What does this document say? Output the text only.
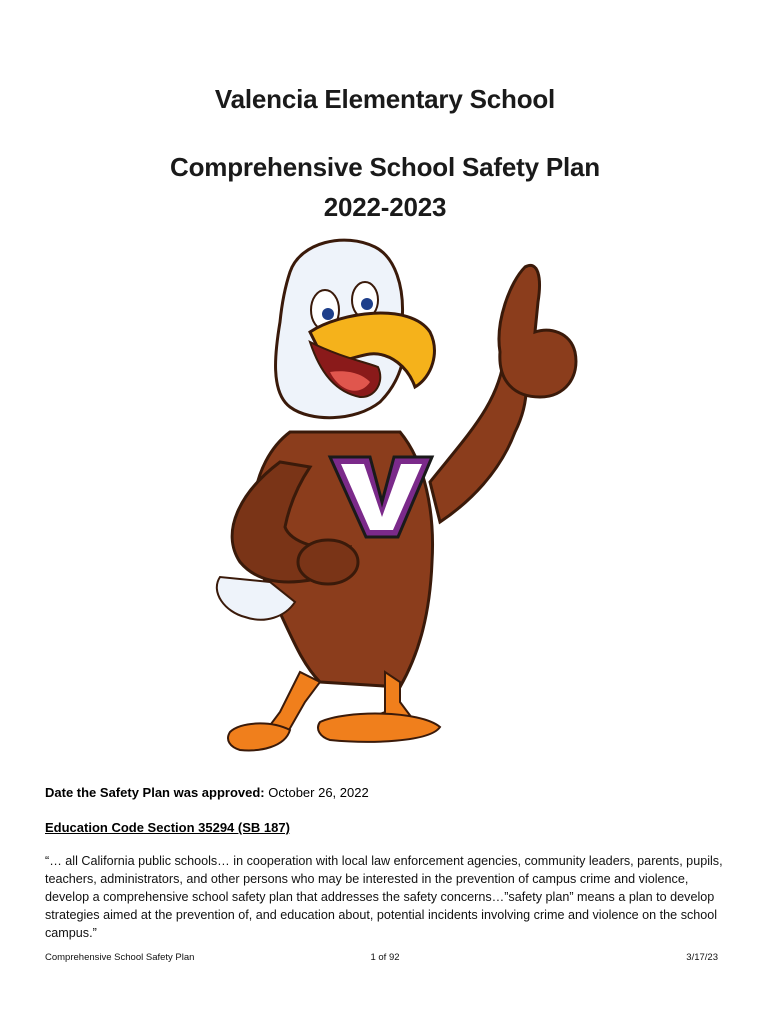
Valencia Elementary School
Comprehensive School Safety Plan
2022-2023
Date the Safety Plan was approved: October 26, 2022
Education Code Section 35294 (SB 187)
“… all California public schools… in cooperation with local law enforcement agencies, community leaders, parents, pupils, teachers, administrators, and other persons who may be interested in the prevention of campus crime and violence, develop a comprehensive school safety plan that addresses the safety concerns…”safety plan” means a plan to develop strategies aimed at the prevention of, and education about, potential incidents involving crime and violence on the school campus.”
Comprehensive School Safety Plan	1 of 92	3/17/23
